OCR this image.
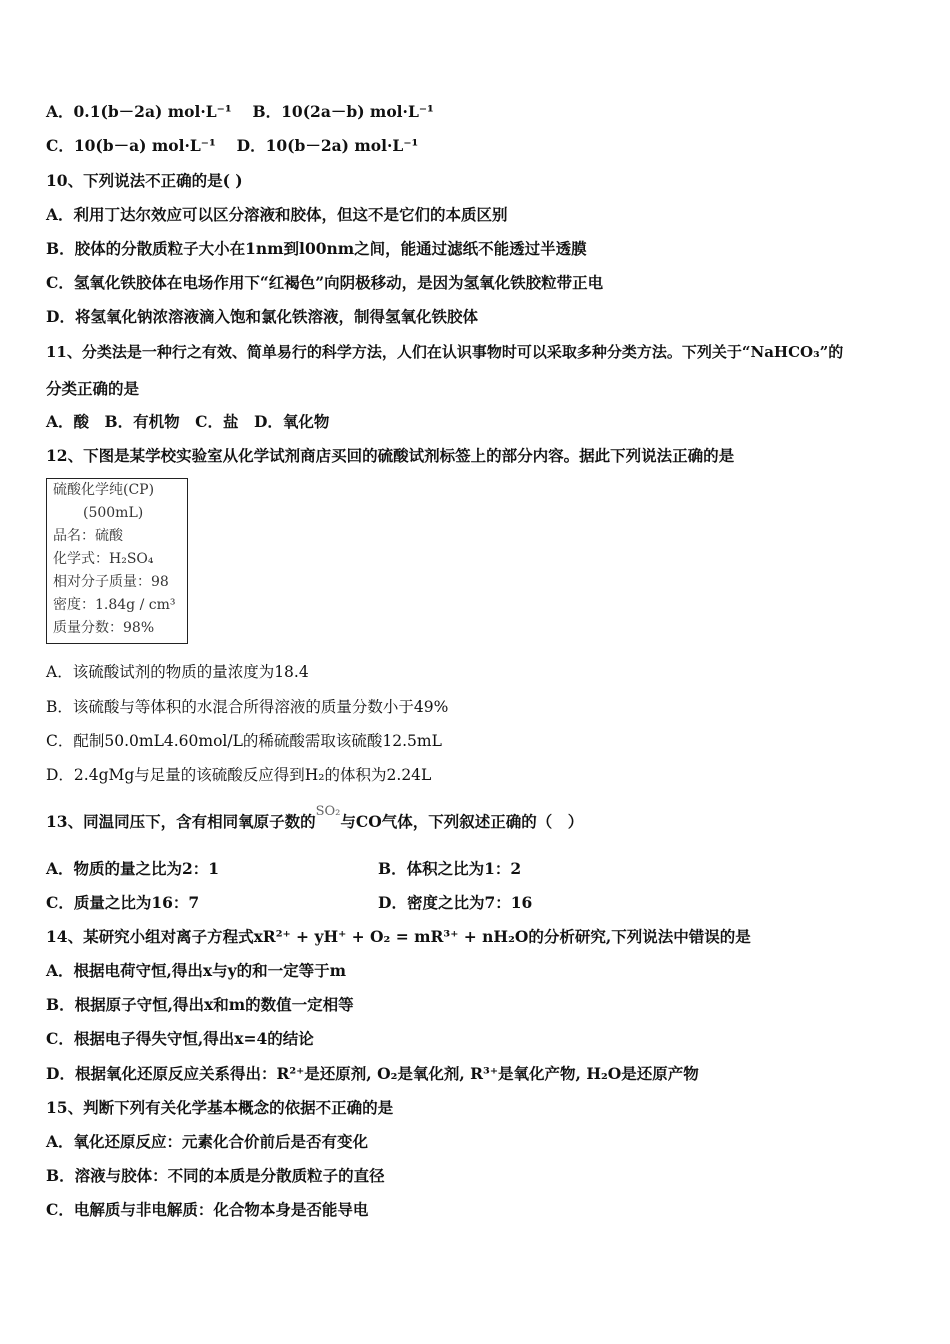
A．0.1(b－2a) mol·L⁻¹　 B．10(2a－b) mol·L⁻¹
C．10(b－a) mol·L⁻¹　 D．10(b－2a) mol·L⁻¹
10、下列说法不正确的是( )
A．利用丁达尔效应可以区分溶液和胶体，但这不是它们的本质区别
B．胶体的分散质粒子大小在1nm到l00nm之间，能通过滤纸不能透过半透膜
C．氢氧化铁胶体在电场作用下“红褐色”向阴极移动，是因为氢氧化铁胶粒带正电
D．将氢氧化钠浓溶液滴入饱和氯化铁溶液，制得氢氧化铁胶体
11、分类法是一种行之有效、简单易行的科学方法，人们在认识事物时可以采取多种分类方法。下列关于“NaHCO₃”的
分类正确的是
A．酸　B．有机物　C．盐　D．氧化物
12、下图是某学校实验室从化学试剂商店买回的硫酸试剂标签上的部分内容。据此下列说法正确的是
硫酸化学纯(CP)
(500mL)
品名：硫酸
化学式：H₂SO₄
相对分子质量：98
密度：1.84g / cm³
质量分数：98%
A．该硫酸试剂的物质的量浓度为18.4
B．该硫酸与等体积的水混合所得溶液的质量分数小于49%
C．配制50.0mL4.60mol/L的稀硫酸需取该硫酸12.5mL
D．2.4gMg与足量的该硫酸反应得到H₂的体积为2.24L
13、同温同压下，含有相同氧原子数的$^{SO_2}$与CO气体，下列叙述正确的（　）
A．物质的量之比为2：1	B．体积之比为1：2
C．质量之比为16：7	D．密度之比为7：16
14、某研究小组对离子方程式xR²⁺ + yH⁺ + O₂ = mR³⁺ + nH₂O的分析研究,下列说法中错误的是
A．根据电荷守恒,得出x与y的和一定等于m
B．根据原子守恒,得出x和m的数值一定相等
C．根据电子得失守恒,得出x=4的结论
D．根据氧化还原反应关系得出：R²⁺是还原剂, O₂是氧化剂, R³⁺是氧化产物, H₂O是还原产物
15、判断下列有关化学基本概念的依据不正确的是
A．氧化还原反应：元素化合价前后是否有变化
B．溶液与胶体：不同的本质是分散质粒子的直径
C．电解质与非电解质：化合物本身是否能导电
